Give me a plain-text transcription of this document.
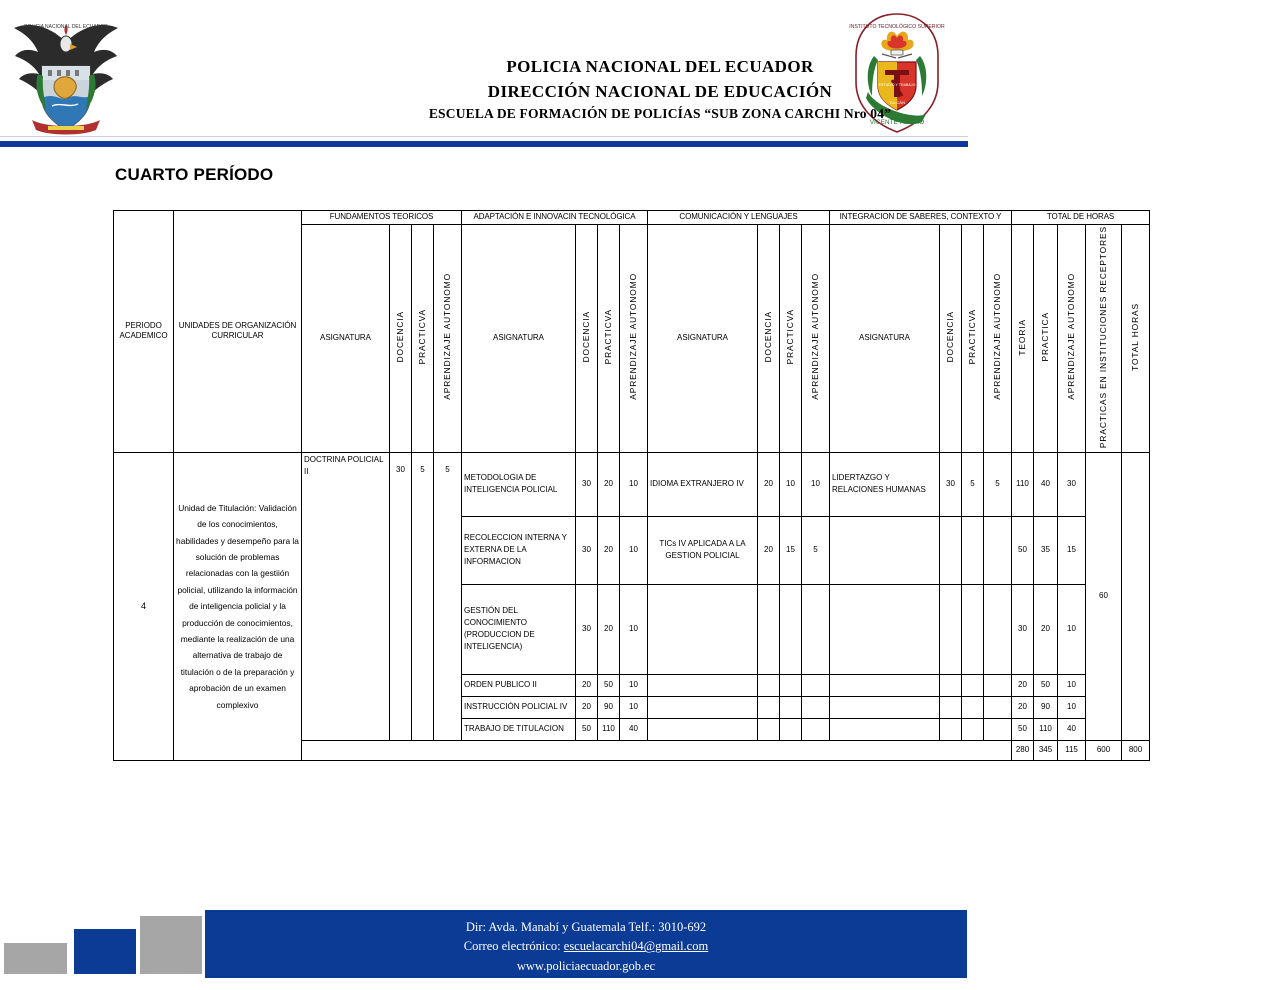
POLICIA NACIONAL DEL ECUADOR	INSTITUTO TECNOLÓGICO SUPERIOR
TULCÁN
VICENTE FIERRO
ESTUDIO Y TRABAJO
POLICIA NACIONAL DEL ECUADOR
DIRECCIÓN NACIONAL DE EDUCACIÓN
ESCUELA DE FORMACIÓN DE POLICÍAS “SUB ZONA CARCHI Nro 04”
CUARTO PERÍODO
PERIODO ACADEMICO	UNIDADES DE ORGANIZACIÓN CURRICULAR	FUNDAMENTOS TEORICOS				ADAPTACIÓN E INNOVACIN TECNOLÓGICA				COMUNICACIÓN Y LENGUAJES				INTEGRACION DE SABERES, CONTEXTO Y				TOTAL DE HORAS				
		ASIGNATURA	DOCENCIA	PRACTICVA	APRENDIZAJE AUTONOMO	ASIGNATURA	DOCENCIA	PRACTICVA	APRENDIZAJE AUTONOMO	ASIGNATURA	DOCENCIA	PRACTICVA	APRENDIZAJE AUTONOMO	ASIGNATURA	DOCENCIA	PRACTICVA	APRENDIZAJE AUTONOMO	TEORIA	PRACTICA	APRENDIZAJE AUTONOMO	PRACTICAS EN INSTITUCIONES RECEPTORES	TOTAL HORAS
4	Unidad de Titulación: Validación de los conocimientos, habilidades y desempeño para la solución de problemas relacionadas con la gestiión policial, utilizando la información de inteligencia policial y la producción de conocimientos, mediante la realización de una alternativa de trabajo de titulación o de la preparación y aprobación de un examen complexivo	DOCTRINA POLICIAL II	30	5	5	METODOLOGIA DE INTELIGENCIA POLICIAL	30	20	10	IDIOMA EXTRANJERO IV	20	10	10	LIDERTAZGO Y RELACIONES HUMANAS	30	5	5	110	40	30	60	
						RECOLECCION INTERNA Y EXTERNA DE LA INFORMACION	30	20	10	TICs IV APLICADA A LA GESTION POLICIAL	20	15	5					50	35	15		
						GESTIÓN DEL CONOCIMIENTO (PRODUCCION DE INTELIGENCIA)	30	20	10									30	20	10		
						ORDEN PUBLICO II	20	50	10									20	50	10		
						INSTRUCCIÓN POLICIAL IV	20	90	10									20	90	10		
						TRABAJO DE TITULACION	50	110	40									50	110	40		
																		280	345	115	600	800
Dir: Avda. Manabí y Guatemala Telf.: 3010-692
Correo electrónico: escuelacarchi04@gmail.com
www.policiaecuador.gob.ec
